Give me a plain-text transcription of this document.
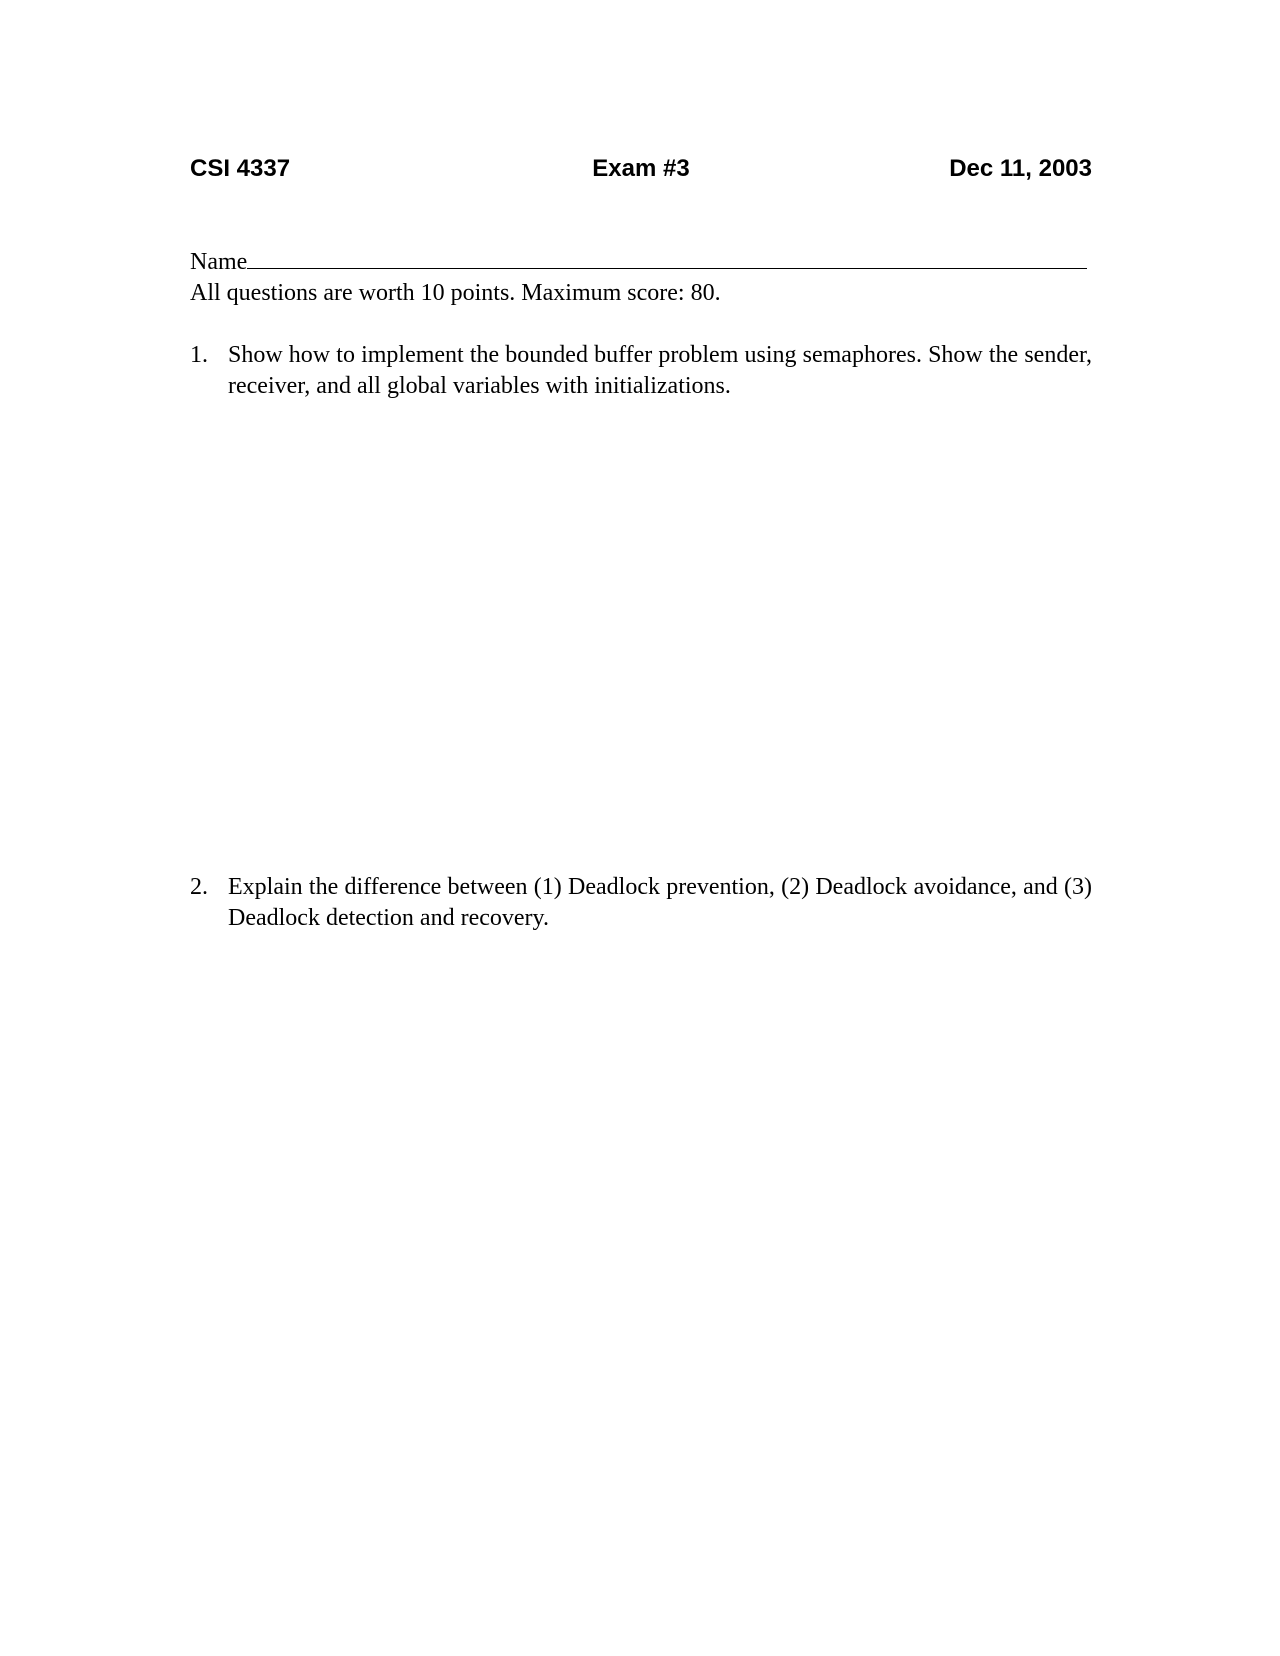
CSI 4337	Exam #3	Dec 11, 2003
Name
All questions are worth 10 points. Maximum score: 80.
1. Show how to implement the bounded buffer problem using semaphores. Show the sender, receiver, and all global variables with initializations.
2. Explain the difference between (1) Deadlock prevention, (2) Deadlock avoidance, and (3) Deadlock detection and recovery.
